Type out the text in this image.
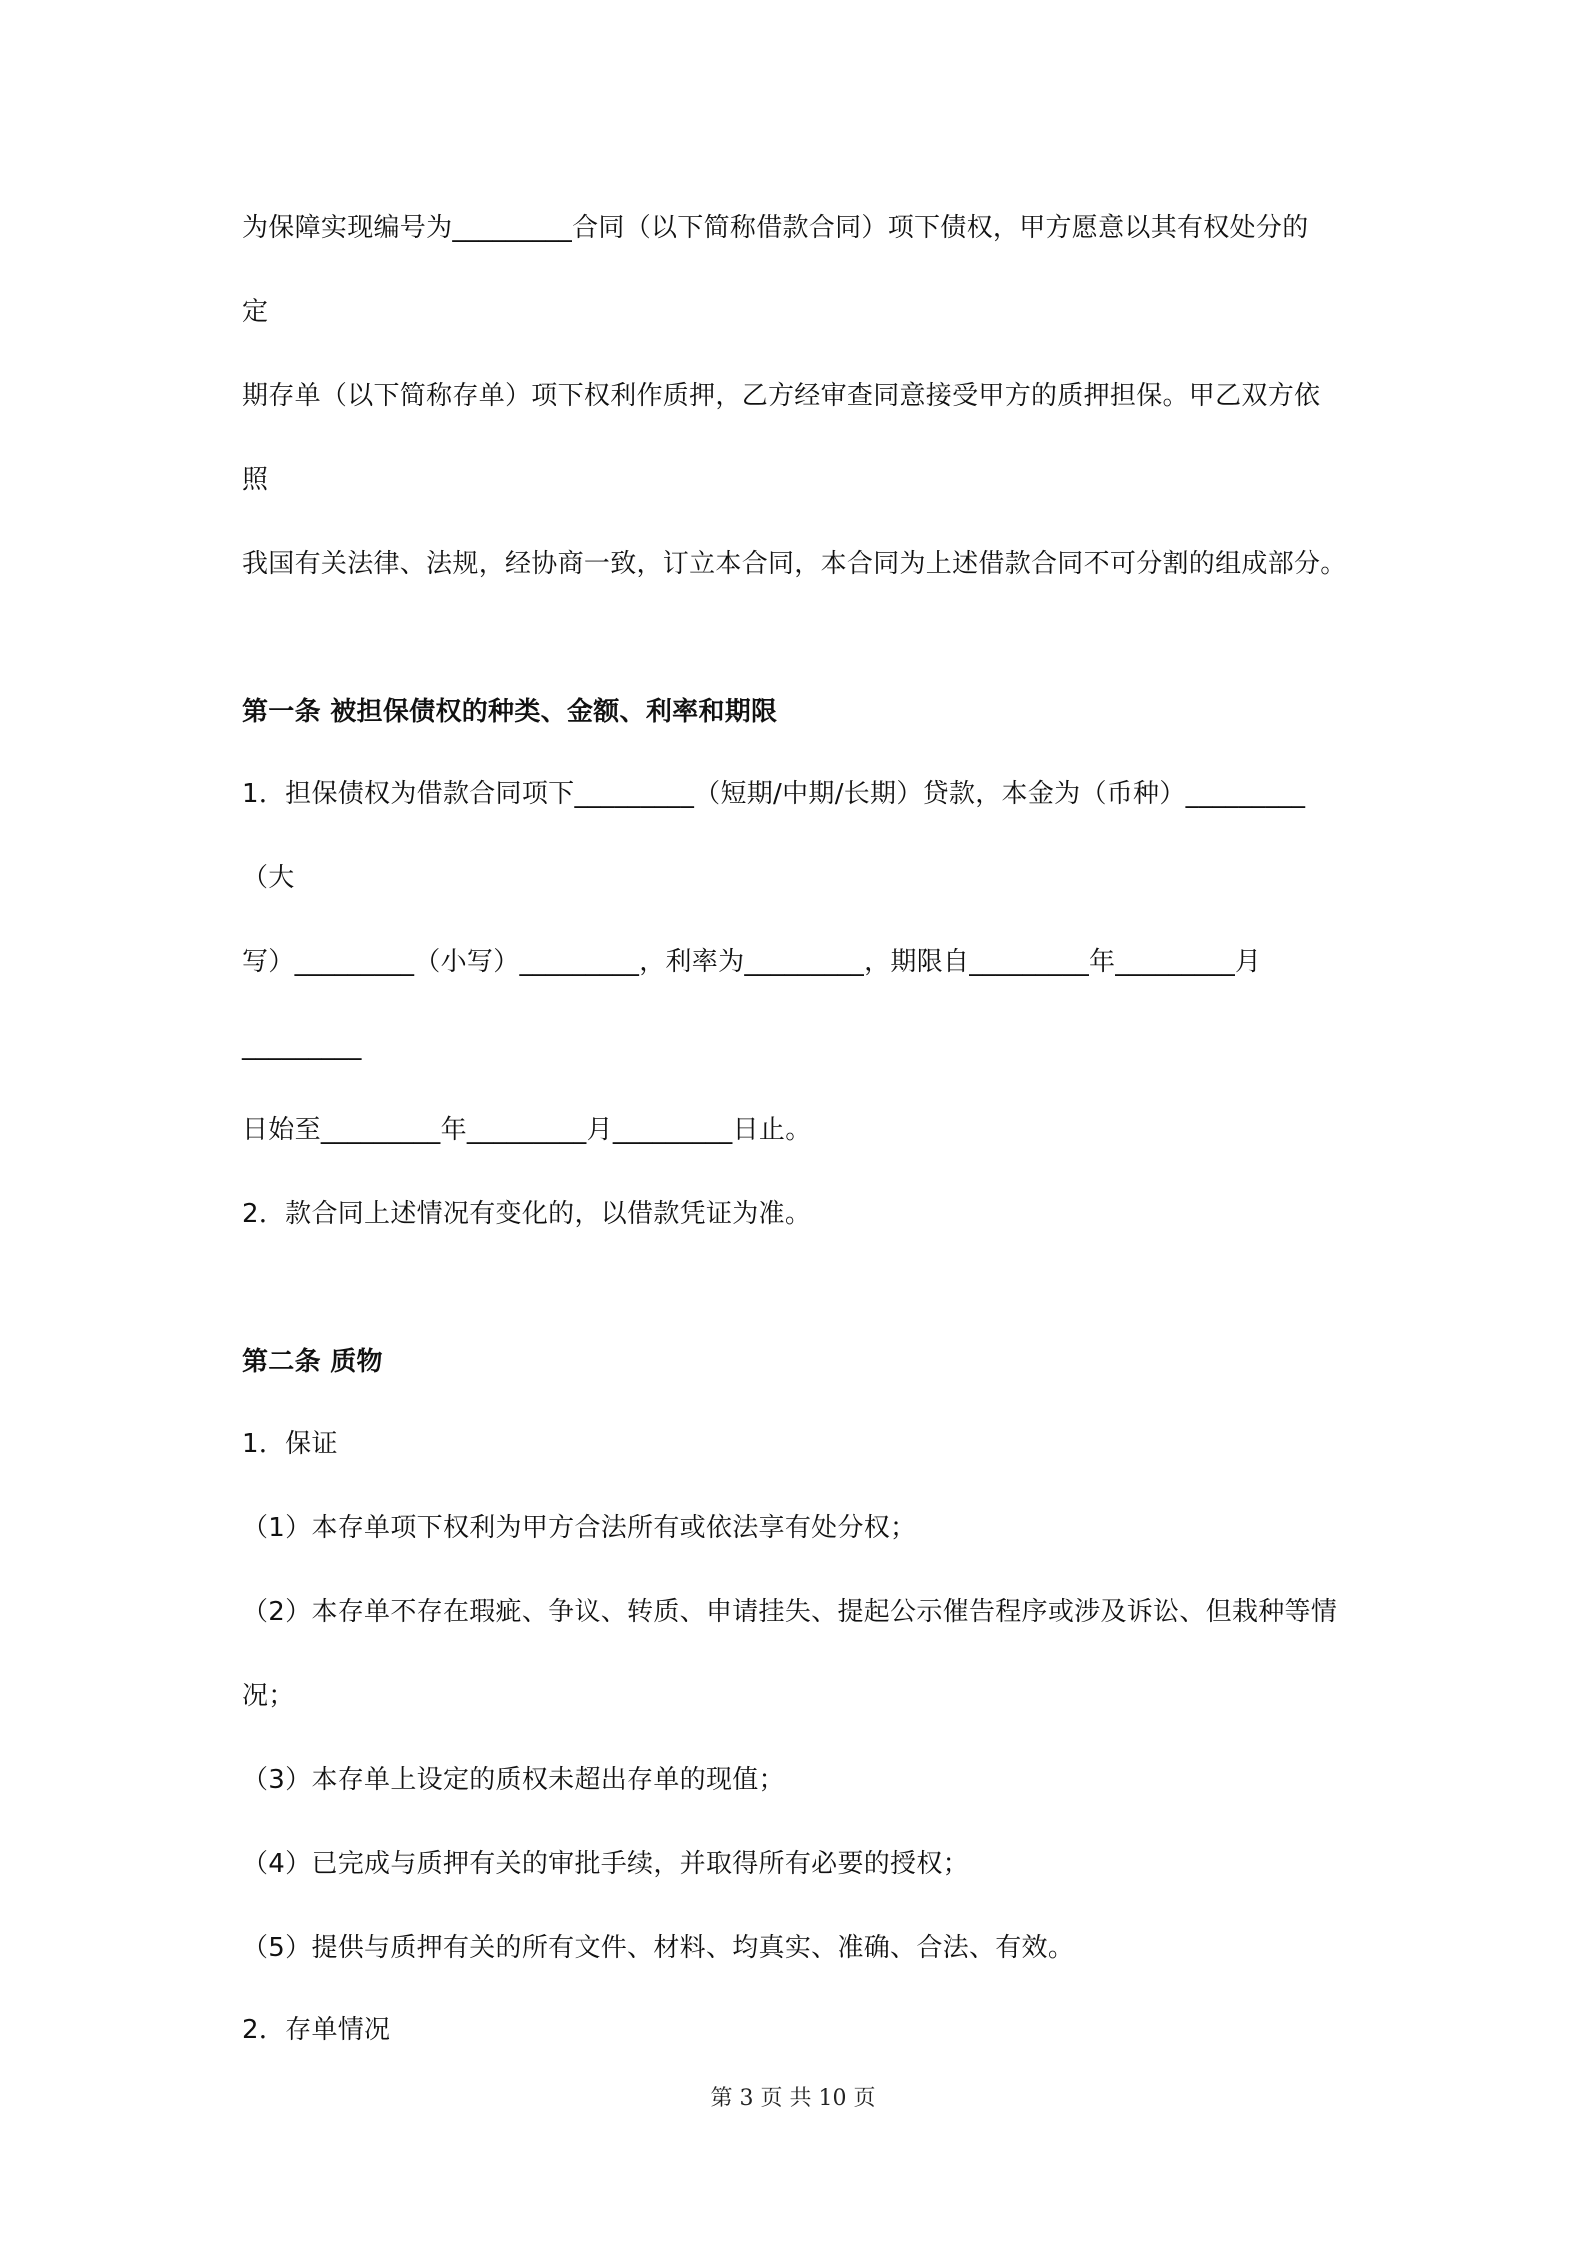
为保障实现编号为_________合同（以下简称借款合同）项下债权，甲方愿意以其有权处分的
定
期存单（以下简称存单）项下权利作质押，乙方经审查同意接受甲方的质押担保。甲乙双方依
照
我国有关法律、法规，经协商一致，订立本合同，本合同为上述借款合同不可分割的组成部分。
第一条 被担保债权的种类、金额、利率和期限
1．担保债权为借款合同项下_________（短期/中期/长期）贷款，本金为（币种）_________
（大
写）_________（小写）_________，利率为_________，期限自_________年_________月
_________
日始至_________年_________月_________日止。
2．款合同上述情况有变化的，以借款凭证为准。
第二条 质物
1．保证
（1）本存单项下权利为甲方合法所有或依法享有处分权；
（2）本存单不存在瑕疵、争议、转质、申请挂失、提起公示催告程序或涉及诉讼、但栽种等情
况；
（3）本存单上设定的质权未超出存单的现值；
（4）已完成与质押有关的审批手续，并取得所有必要的授权；
（5）提供与质押有关的所有文件、材料、均真实、准确、合法、有效。
2．存单情况
第 3 页 共 10 页
